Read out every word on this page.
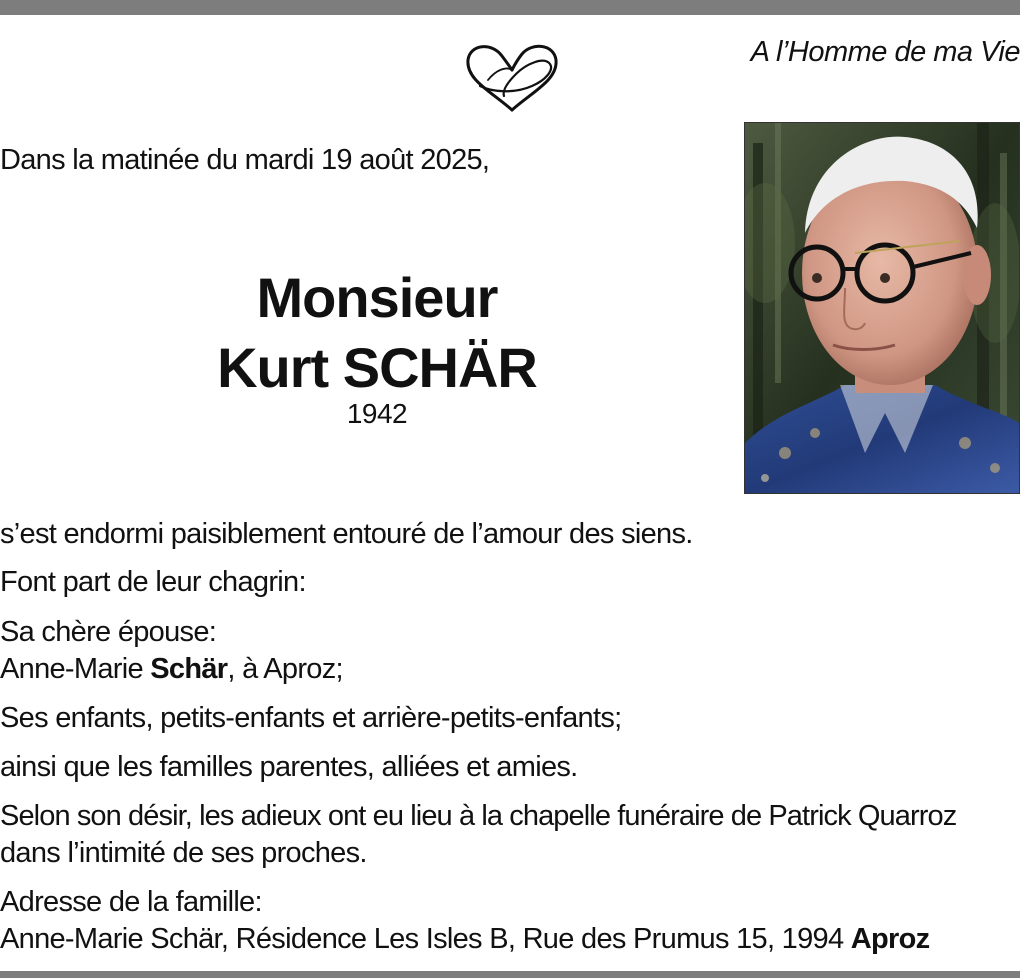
A l’Homme de ma Vie
Dans la matinée du mardi 19 août 2025,
Monsieur
Kurt SCHÄR
1942
s’est endormi paisiblement entouré de l’amour des siens.
Font part de leur chagrin:
Sa chère épouse:
Anne-Marie Schär, à Aproz;
Ses enfants, petits-enfants et arrière-petits-enfants;
ainsi que les familles parentes, alliées et amies.
Selon son désir, les adieux ont eu lieu à la chapelle funéraire de Patrick Quarroz
dans l’intimité de ses proches.
Adresse de la famille:
Anne-Marie Schär, Résidence Les Isles B, Rue des Prumus 15, 1994 Aproz
